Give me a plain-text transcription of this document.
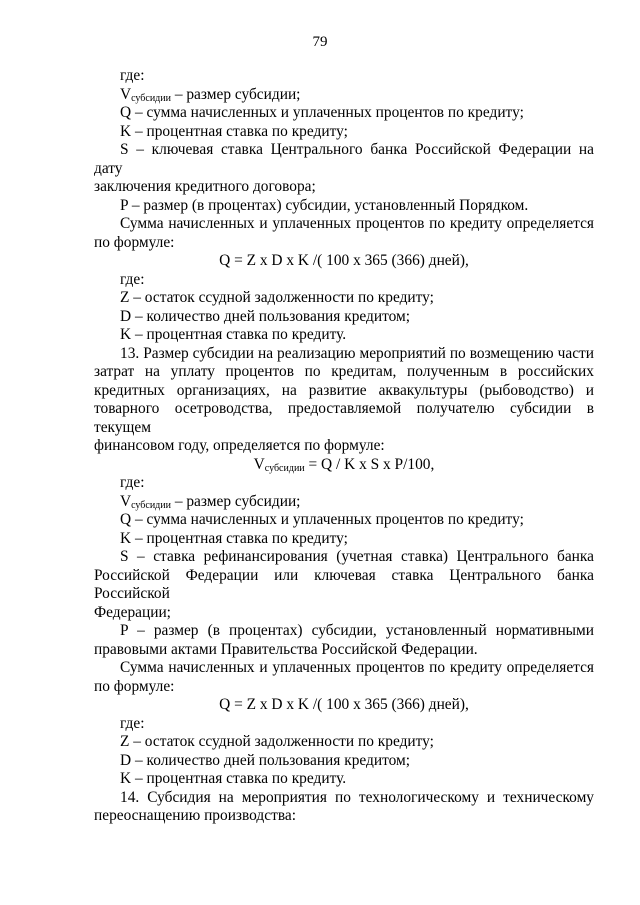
79

где:

$V_{субсидии}$ – размер субсидии;

Q – сумма начисленных и уплаченных процентов по кредиту;

K – процентная ставка по кредиту;

S – ключевая ставка Центрального банка Российской Федерации на дату

заключения кредитного договора;

P – размер (в процентах) субсидии, установленный Порядком.

Сумма начисленных и уплаченных процентов по кредиту определяется

по формуле:

Q = Z x D x K /( 100 x 365 (366) дней),

где:

Z – остаток ссудной задолженности по кредиту;

D – количество дней пользования кредитом;

K – процентная ставка по кредиту.

13. Размер субсидии на реализацию мероприятий по возмещению части

затрат на уплату процентов по кредитам, полученным в российских

кредитных организациях, на развитие аквакультуры (рыбоводство) и

товарного осетроводства, предоставляемой получателю субсидии в текущем

финансовом году, определяется по формуле:

$V_{субсидии} = Q / K$ x S x P/100,

где:

$V_{субсидии}$ – размер субсидии;

Q – сумма начисленных и уплаченных процентов по кредиту;

K – процентная ставка по кредиту;

S – ставка рефинансирования (учетная ставка) Центрального банка

Российской Федерации или ключевая ставка Центрального банка Российской

Федерации;

P – размер (в процентах) субсидии, установленный нормативными

правовыми актами Правительства Российской Федерации.

Сумма начисленных и уплаченных процентов по кредиту определяется

по формуле:

Q = Z x D x K /( 100 x 365 (366) дней),

где:

Z – остаток ссудной задолженности по кредиту;

D – количество дней пользования кредитом;

K – процентная ставка по кредиту.

14. Субсидия на мероприятия по технологическому и техническому

переоснащению производства:
